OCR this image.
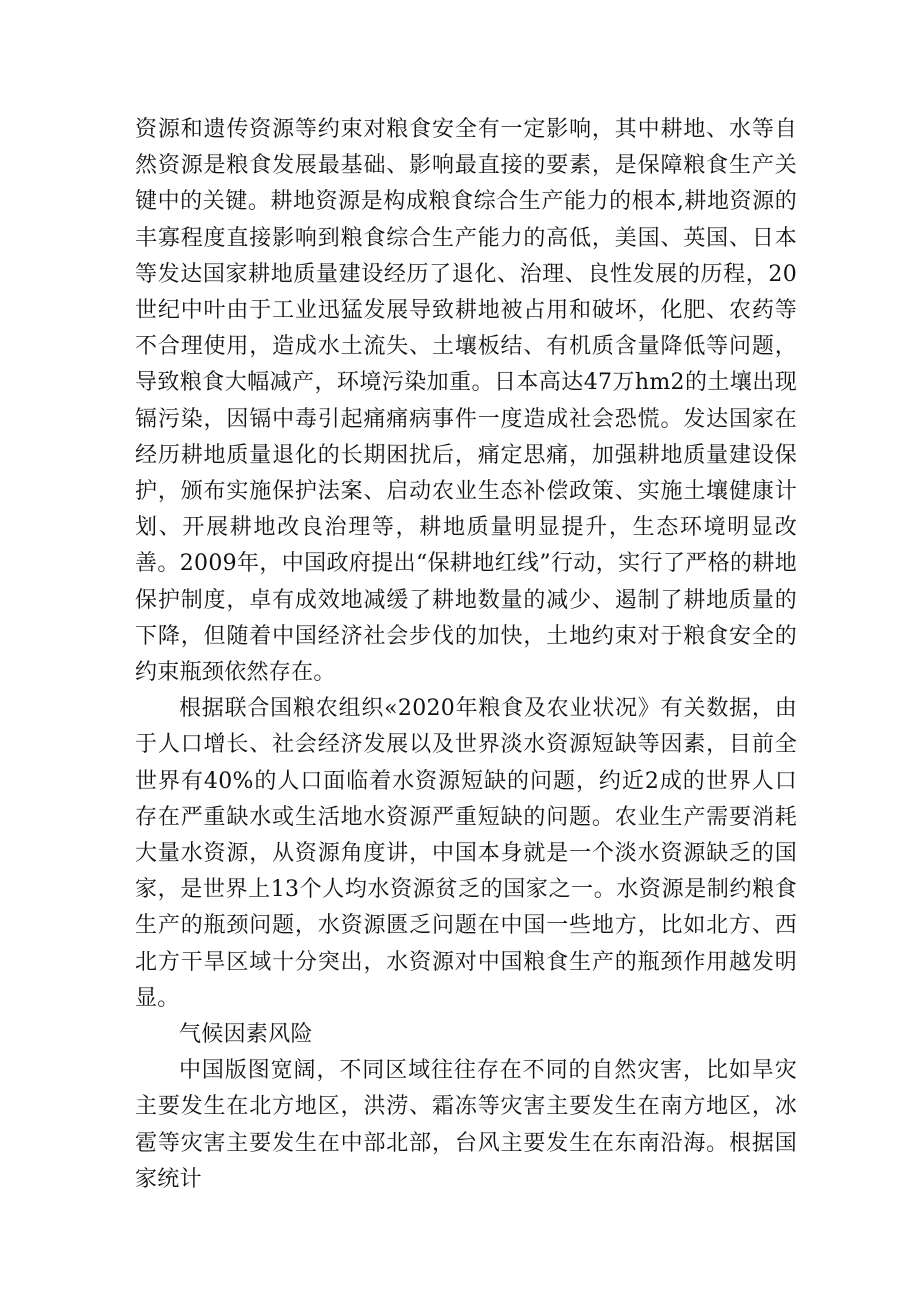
资源和遗传资源等约束对粮食安全有一定影响，其中耕地、水等自然资源是粮食发展最基础、影响最直接的要素，是保障粮食生产关键中的关键。耕地资源是构成粮食综合生产能力的根本,耕地资源的丰寡程度直接影响到粮食综合生产能力的高低，美国、英国、日本等发达国家耕地质量建设经历了退化、治理、良性发展的历程，20世纪中叶由于工业迅猛发展导致耕地被占用和破坏，化肥、农药等不合理使用，造成水土流失、土壤板结、有机质含量降低等问题，导致粮食大幅减产，环境污染加重。日本高达47万hm2的土壤出现镉污染，因镉中毒引起痛痛病事件一度造成社会恐慌。发达国家在经历耕地质量退化的长期困扰后，痛定思痛，加强耕地质量建设保护，颁布实施保护法案、启动农业生态补偿政策、实施土壤健康计划、开展耕地改良治理等，耕地质量明显提升，生态环境明显改善。2009年，中国政府提出“保耕地红线”行动，实行了严格的耕地保护制度，卓有成效地减缓了耕地数量的减少、遏制了耕地质量的下降，但随着中国经济社会步伐的加快，土地约束对于粮食安全的约束瓶颈依然存在。

根据联合国粮农组织«2020年粮食及农业状况》有关数据，由于人口增长、社会经济发展以及世界淡水资源短缺等因素，目前全世界有40%的人口面临着水资源短缺的问题，约近2成的世界人口存在严重缺水或生活地水资源严重短缺的问题。农业生产需要消耗大量水资源，从资源角度讲，中国本身就是一个淡水资源缺乏的国家，是世界上13个人均水资源贫乏的国家之一。水资源是制约粮食生产的瓶颈问题，水资源匮乏问题在中国一些地方，比如北方、西北方干旱区域十分突出，水资源对中国粮食生产的瓶颈作用越发明显。

气候因素风险

中国版图宽阔，不同区域往往存在不同的自然灾害，比如旱灾主要发生在北方地区，洪涝、霜冻等灾害主要发生在南方地区，冰雹等灾害主要发生在中部北部，台风主要发生在东南沿海。根据国家统计
